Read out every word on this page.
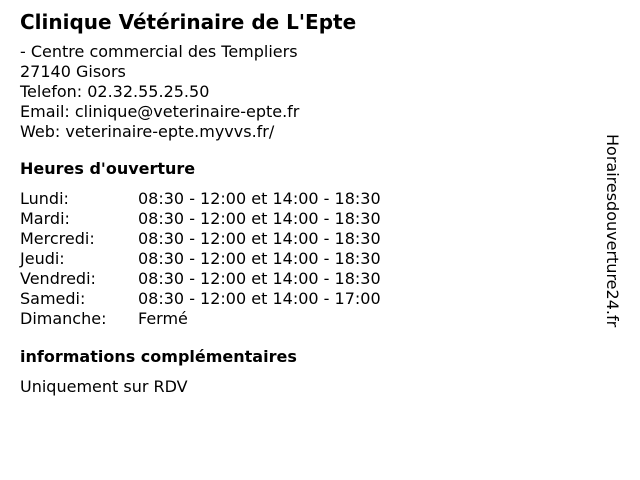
Clinique Vétérinaire de L'Epte
- Centre commercial des Templiers
27140 Gisors
Telefon: 02.32.55.25.50
Email: clinique@veterinaire-epte.fr
Web: veterinaire-epte.myvvs.fr/
Heures d'ouverture
Lundi:	08:30 - 12:00 et 14:00 - 18:30
Mardi:	08:30 - 12:00 et 14:00 - 18:30
Mercredi:	08:30 - 12:00 et 14:00 - 18:30
Jeudi:	08:30 - 12:00 et 14:00 - 18:30
Vendredi:	08:30 - 12:00 et 14:00 - 18:30
Samedi:	08:30 - 12:00 et 14:00 - 17:00
Dimanche:	Fermé
informations complémentaires
Uniquement sur RDV
Horairesdouverture24.fr
